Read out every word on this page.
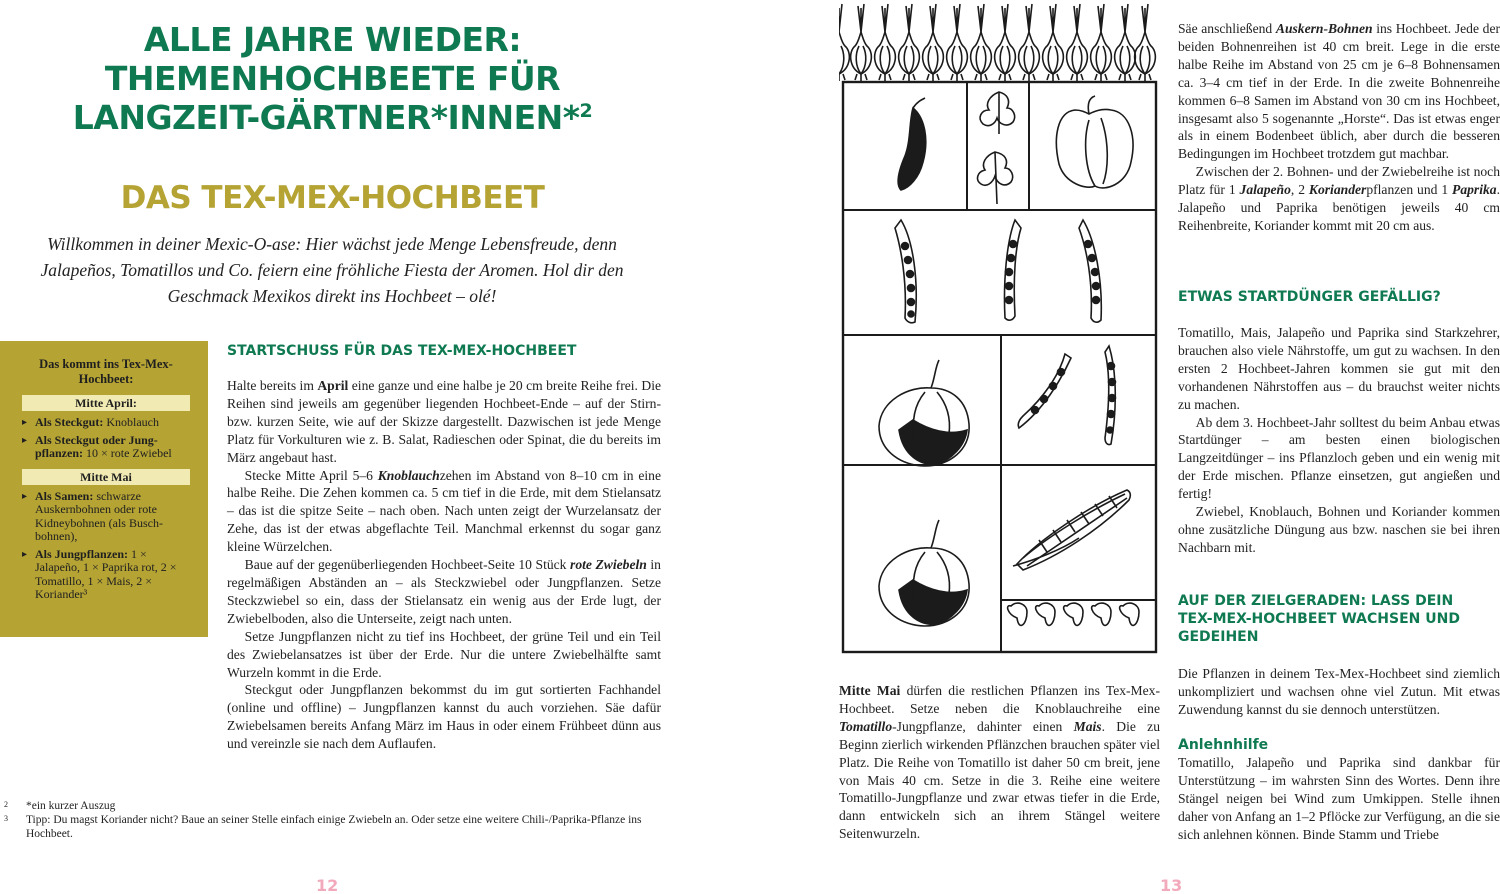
ALLE JAHRE WIEDER:
THEMENHOCHBEETE FÜR
LANGZEIT-GÄRTNER*INNEN*$^2$
DAS TEX-MEX-HOCHBEET
Willkommen in deiner Mexic-O-ase: Hier wächst jede Menge Lebensfreude, denn Jalapeños, Tomatillos und Co. feiern eine fröhliche Fiesta der Aromen. Hol dir den Geschmack Mexikos direkt ins Hochbeet – olé!
Das kommt ins Tex-Mex-Hochbeet:
Mitte April:
▸ Als Steckgut: Knoblauch
▸ Als Steckgut oder Jungpflanzen: 10 × rote Zwiebel
Mitte Mai
▸ Als Samen: schwarze Auskernbohnen oder rote Kidneybohnen (als Buschbohnen),
▸ Als Jungpflanzen: 1 × Jalapeño, 1 × Paprika rot, 2 × Tomatillo, 1 × Mais, 2 × Koriander³
STARTSCHUSS FÜR DAS TEX-MEX-HOCHBEET

Halte bereits im April eine ganze und eine halbe je 20 cm breite Reihe frei. Die Reihen sind jeweils am gegenüber liegenden Hochbeet-Ende – auf der Stirn- bzw. kurzen Seite, wie auf der Skizze dargestellt. Dazwischen ist jede Menge Platz für Vorkulturen wie z. B. Salat, Radieschen oder Spinat, die du bereits im März angebaut hast.

Stecke Mitte April 5–6 Knoblauchzehen im Abstand von 8–10 cm in eine halbe Reihe. Die Zehen kommen ca. 5 cm tief in die Erde, mit dem Stielansatz – das ist die spitze Seite – nach oben. Nach unten zeigt der Wurzelansatz der Zehe, das ist der etwas abgeflachte Teil. Manchmal erkennst du sogar ganz kleine Würzelchen.

Baue auf der gegenüberliegenden Hochbeet-Seite 10 Stück rote Zwiebeln in regelmäßigen Abständen an – als Steckzwiebel oder Jungpflanzen. Setze Steckzwiebel so ein, dass der Stielansatz ein wenig aus der Erde lugt, der Zwiebelboden, also die Unterseite, zeigt nach unten.

Setze Jungpflanzen nicht zu tief ins Hochbeet, der grüne Teil und ein Teil des Zwiebelansatzes ist über der Erde. Nur die untere Zwiebelhälfte samt Wurzeln kommt in die Erde.

Steckgut oder Jungpflanzen bekommst du im gut sortierten Fachhandel (online und offline) – Jungpflanzen kannst du auch vorziehen. Säe dafür Zwiebelsamen bereits Anfang März im Haus in oder einem Frühbeet dünn aus und vereinzle sie nach dem Auflaufen.

2	*ein kurzer Auszug
3	Tipp: Du magst Koriander nicht? Baue an seiner Stelle einfach einige Zwiebeln an. Oder setze eine weitere Chili-/Paprika-Pflanze ins Hochbeet.
12

Mitte Mai dürfen die restlichen Pflanzen ins Tex-Mex-Hochbeet. Setze neben die Knoblauchreihe eine Tomatillo-Jungpflanze, dahinter einen Mais. Die zu Beginn zierlich wirkenden Pflänzchen brauchen später viel Platz. Die Reihe von Tomatillo ist daher 50 cm breit, jene von Mais 40 cm. Setze in die 3. Reihe eine weitere Tomatillo-Jungpflanze und zwar etwas tiefer in die Erde, dann entwickeln sich an ihrem Stängel weitere Seitenwurzeln.

Säe anschließend Auskern-Bohnen ins Hochbeet. Jede der beiden Bohnenreihen ist 40 cm breit. Lege in die erste halbe Reihe im Abstand von 25 cm je 6–8 Bohnensamen ca. 3–4 cm tief in der Erde. In die zweite Bohnenreihe kommen 6–8 Samen im Abstand von 30 cm ins Hochbeet, insgesamt also 5 sogenannte „Horste“. Das ist etwas enger als in einem Bodenbeet üblich, aber durch die besseren Bedingungen im Hochbeet trotzdem gut machbar.

Zwischen der 2. Bohnen- und der Zwiebelreihe ist noch Platz für 1 Jalapeño, 2 Korianderpflanzen und 1 Paprika. Jalapeño und Paprika benötigen jeweils 40 cm Reihenbreite, Koriander kommt mit 20 cm aus.

ETWAS STARTDÜNGER GEFÄLLIG?

Tomatillo, Mais, Jalapeño und Paprika sind Starkzehrer, brauchen also viele Nährstoffe, um gut zu wachsen. In den ersten 2 Hochbeet-Jahren kommen sie gut mit den vorhandenen Nährstoffen aus – du brauchst weiter nichts zu machen.

Ab dem 3. Hochbeet-Jahr solltest du beim Anbau etwas Startdünger – am besten einen biologischen Langzeitdünger – ins Pflanzloch geben und ein wenig mit der Erde mischen. Pflanze einsetzen, gut angießen und fertig!

Zwiebel, Knoblauch, Bohnen und Koriander kommen ohne zusätzliche Düngung aus bzw. naschen sie bei ihren Nachbarn mit.

AUF DER ZIELGERADEN: LASS DEIN TEX-MEX-HOCHBEET WACHSEN UND GEDEIHEN

Die Pflanzen in deinem Tex-Mex-Hochbeet sind ziemlich unkompliziert und wachsen ohne viel Zutun. Mit etwas Zuwendung kannst du sie dennoch unterstützen.

Anlehnhilfe

Tomatillo, Jalapeño und Paprika sind dankbar für Unterstützung – im wahrsten Sinn des Wortes. Denn ihre Stängel neigen bei Wind zum Umkippen. Stelle ihnen daher von Anfang an 1–2 Pflöcke zur Verfügung, an die sie sich anlehnen können. Binde Stamm und Triebe

13
